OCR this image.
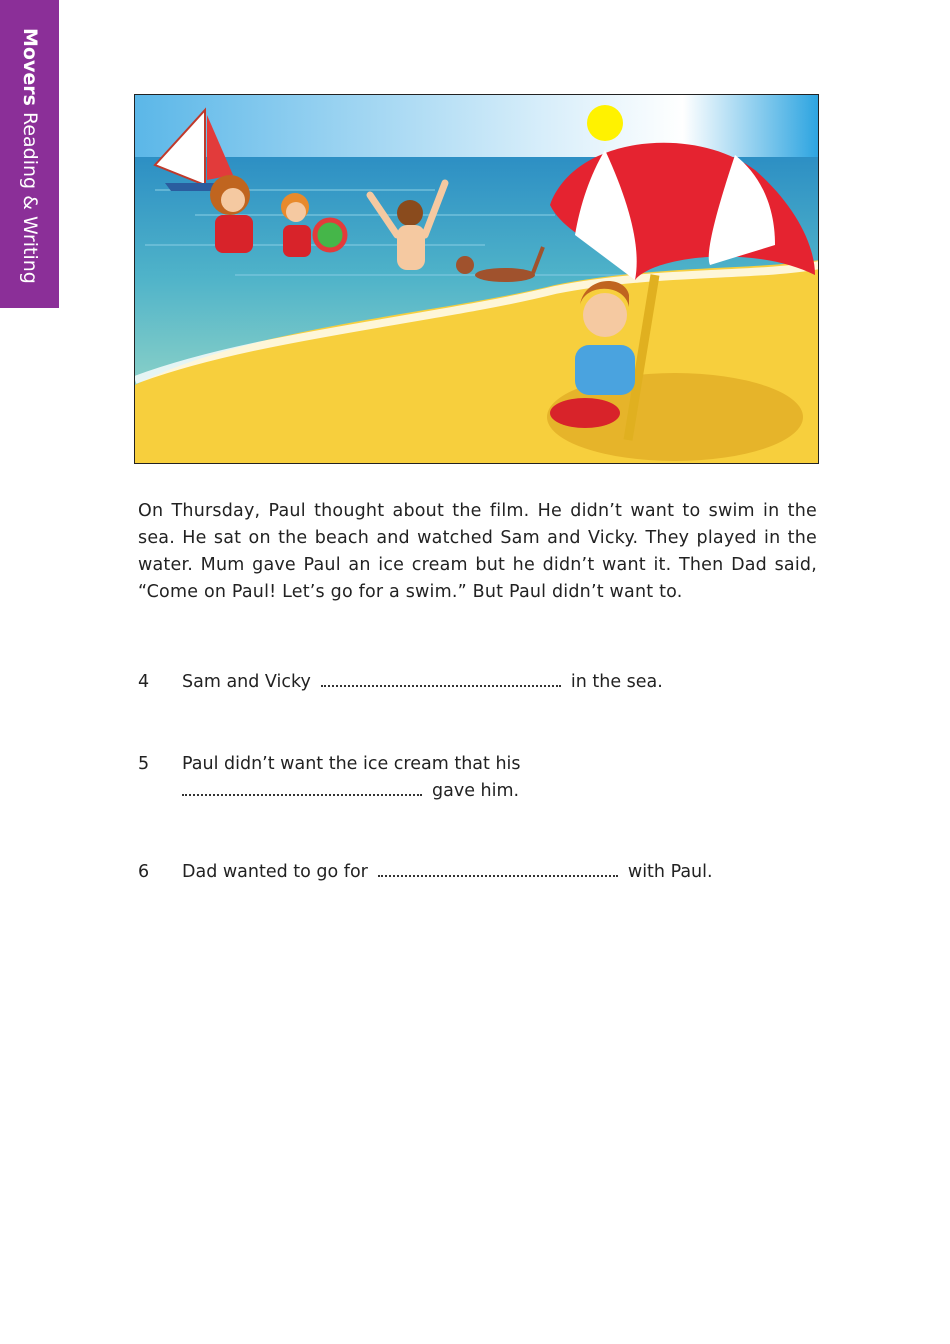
Movers Reading & Writing

On Thursday, Paul thought about the film. He didn’t want to swim in the sea. He sat on the beach and watched Sam and Vicky. They played in the water. Mum gave Paul an ice cream but he didn’t want it. Then Dad said, “Come on Paul! Let’s go for a swim.” But Paul didn’t want to.

4 Sam and Vicky	in the sea.
5 Paul didn’t want the ice cream that his
gave him.
6 Dad wanted to go for	with Paul.
